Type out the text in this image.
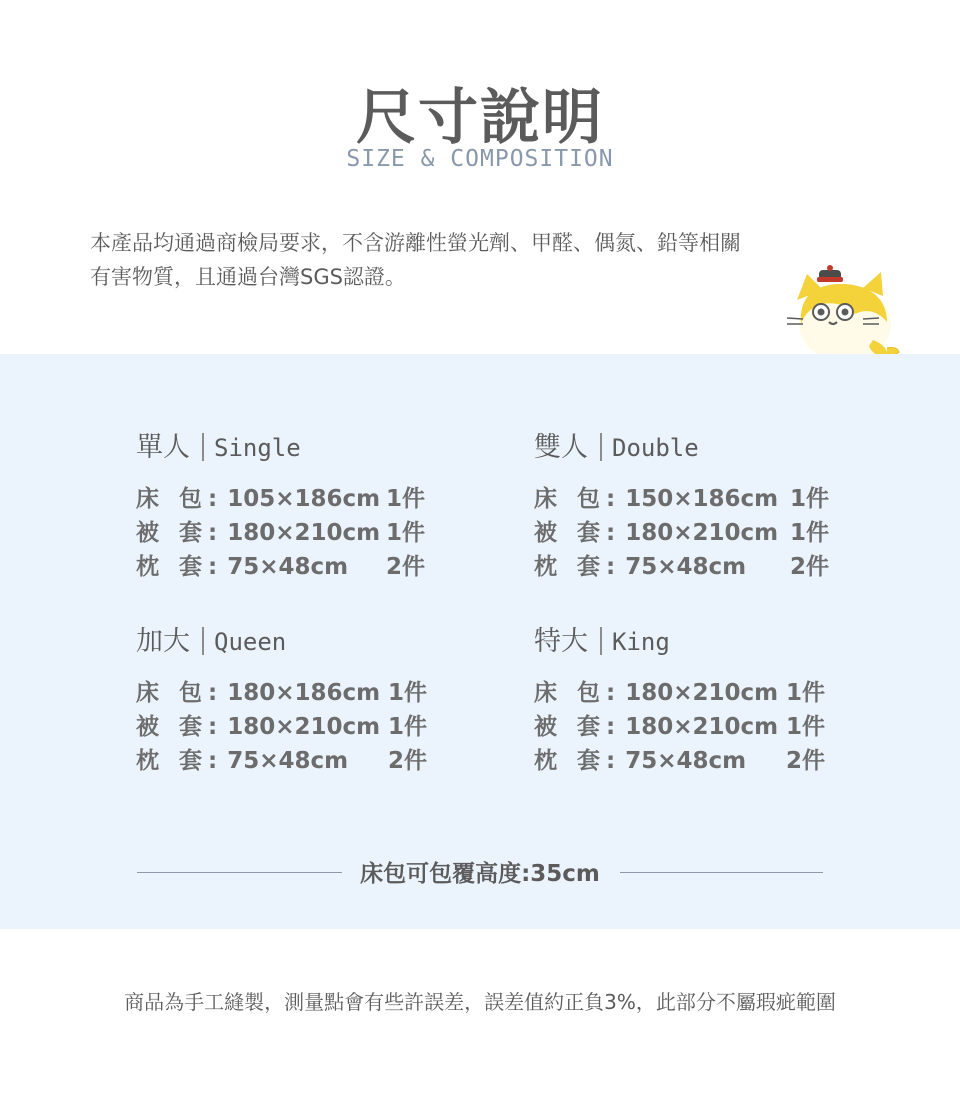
尺寸說明
SIZE & COMPOSITION
本產品均通過商檢局要求，不含游離性螢光劑、甲醛、偶氮、鉛等相關
有害物質，且通過台灣SGS認證。
單人 Single
床 包: 105×186cm 1件
被 套: 180×210cm 1件
枕 套: 75×48cm 2件
雙人 Double
床 包: 150×186cm 1件
被 套: 180×210cm 1件
枕 套: 75×48cm 2件
加大 Queen
床 包: 180×186cm 1件
被 套: 180×210cm 1件
枕 套: 75×48cm 2件
特大 King
床 包: 180×210cm 1件
被 套: 180×210cm 1件
枕 套: 75×48cm 2件
床包可包覆高度:35cm

商品為手工縫製，測量點會有些許誤差，誤差值約正負3%，此部分不屬瑕疵範圍
